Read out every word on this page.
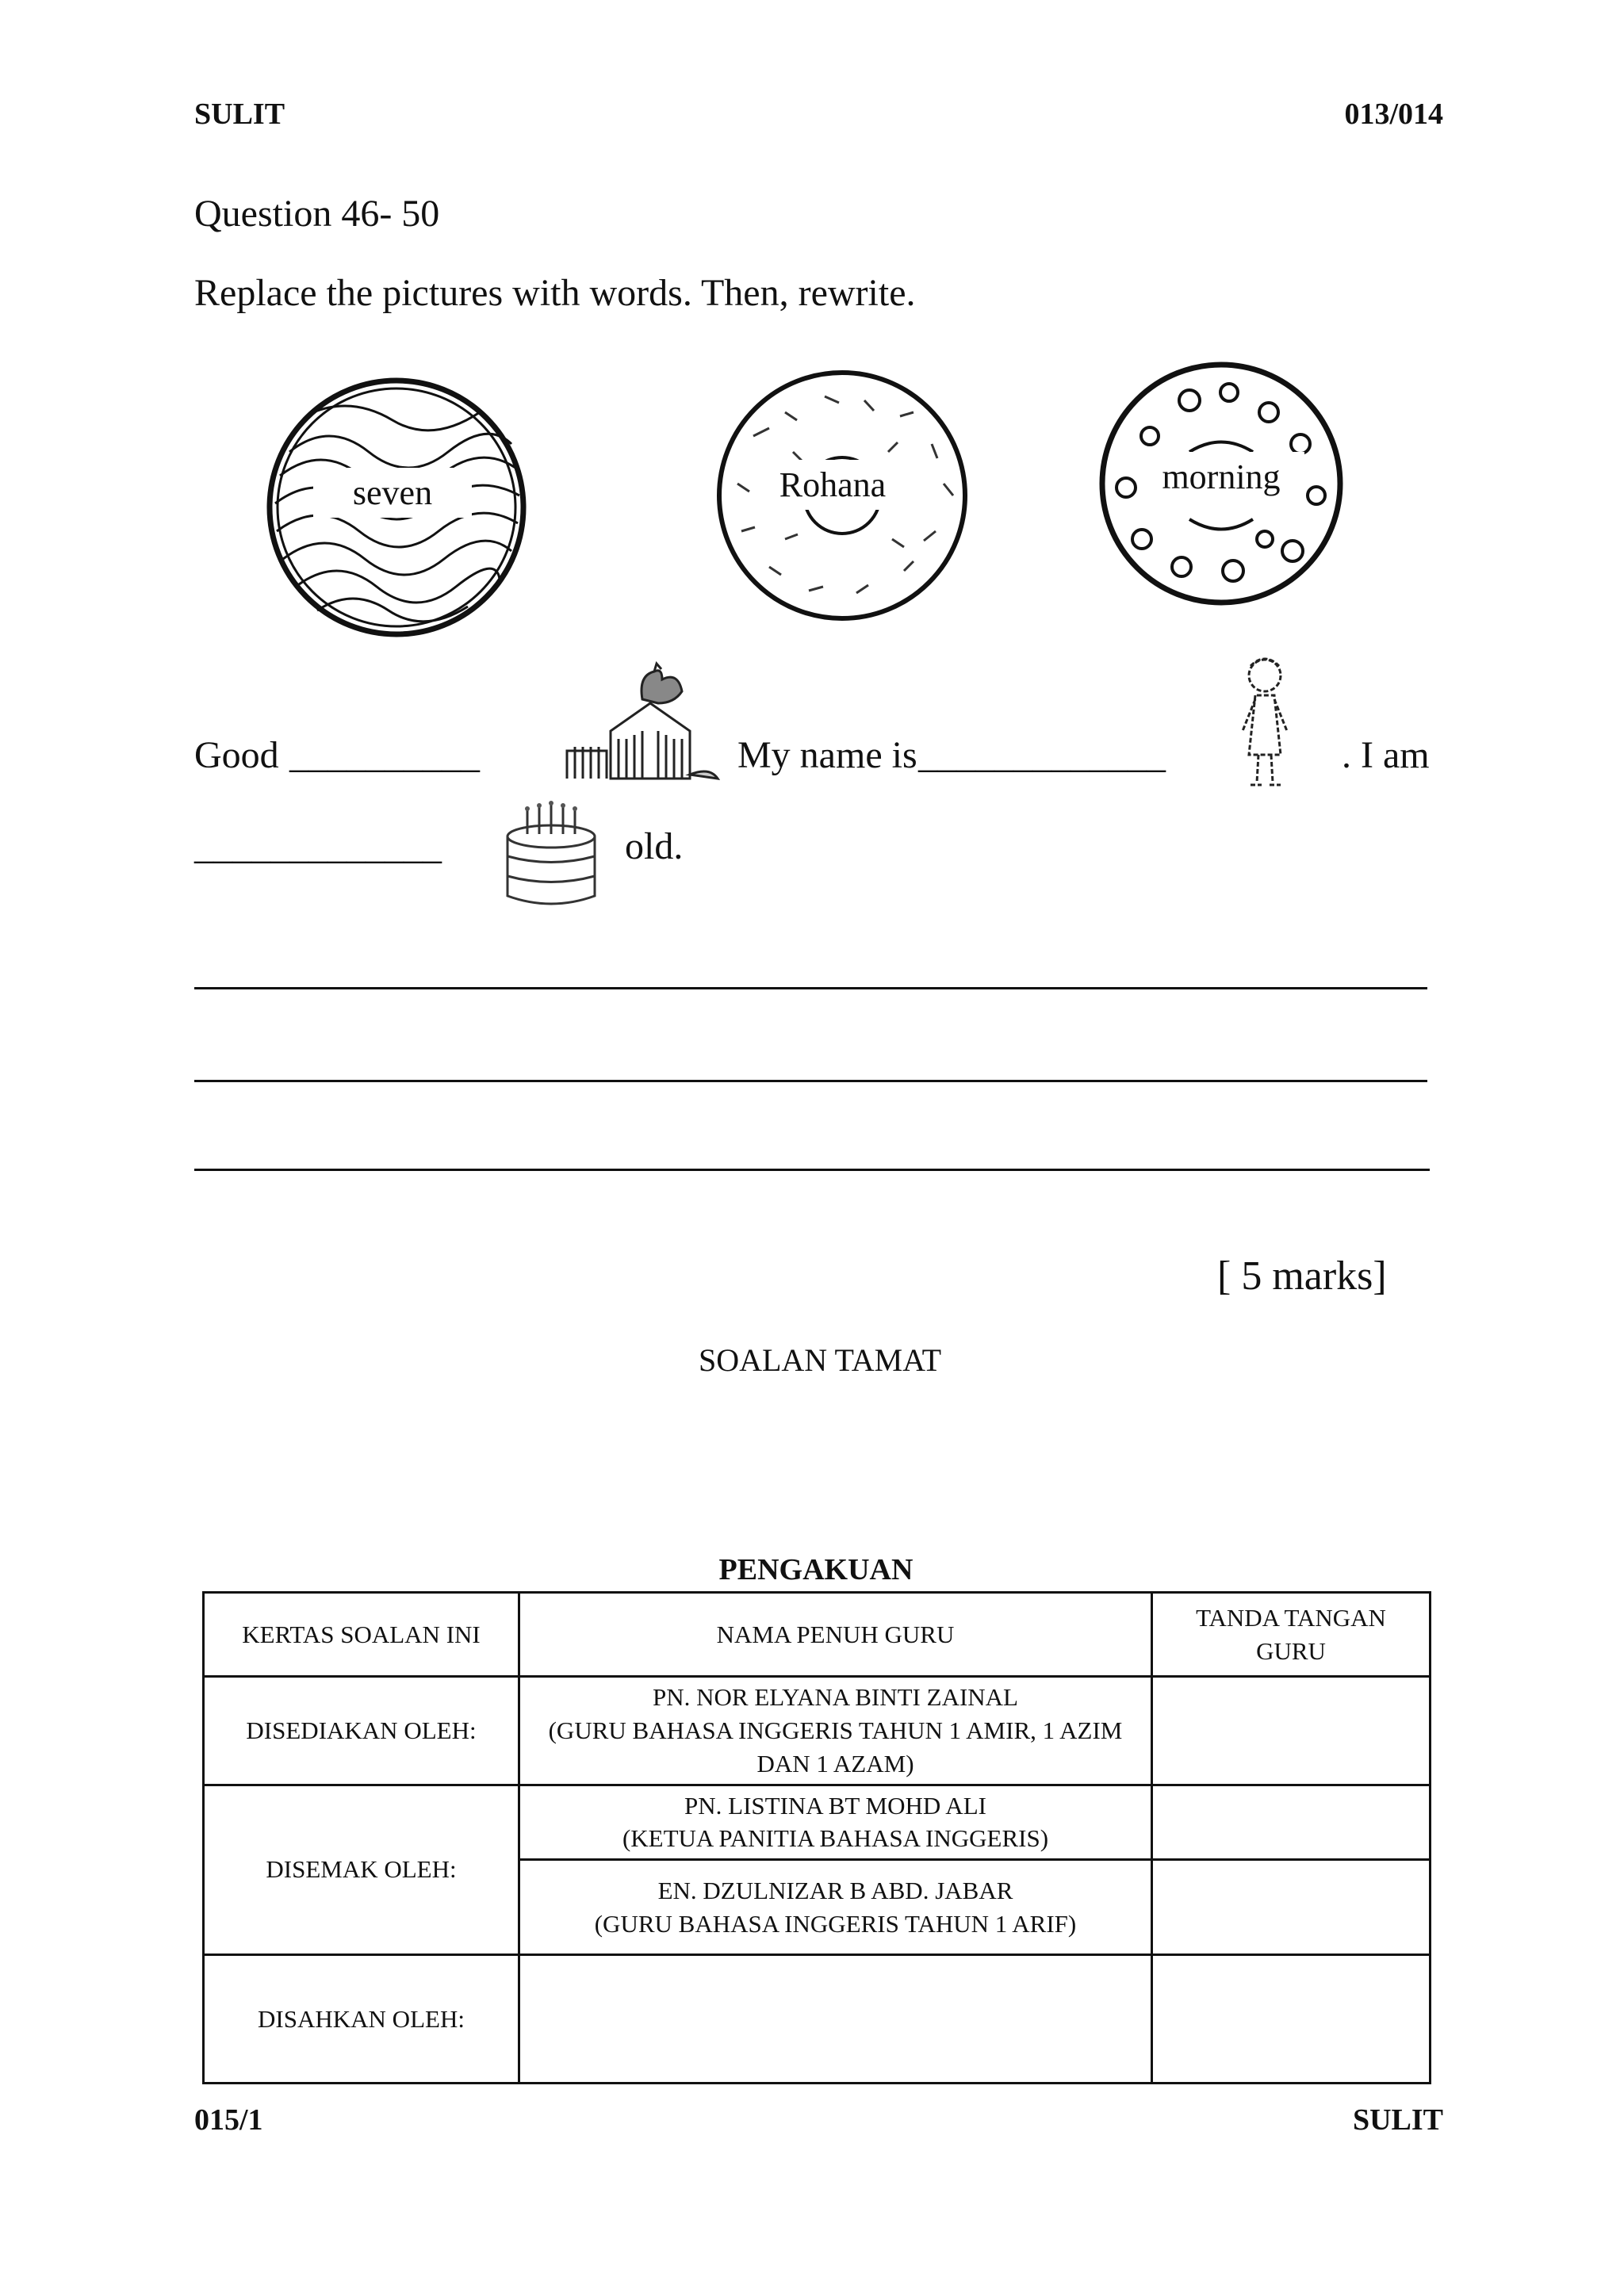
SULIT	013/014
Question 46- 50
Replace the pictures with words. Then, rewrite.
seven	Rohana	morning
Good __________	My name is _____________	. I am
_____________	old.
[ 5 marks]
SOALAN TAMAT
PENGAKUAN
KERTAS SOALAN INI	NAMA PENUH GURU	TANDA TANGAN GURU
DISEDIAKAN OLEH:	PN. NOR ELYANA BINTI ZAINAL
(GURU BAHASA INGGERIS TAHUN 1 AMIR, 1 AZIM DAN 1 AZAM)	
DISEMAK OLEH:	PN. LISTINA BT MOHD ALI
(KETUA PANITIA BAHASA INGGERIS)	
	EN. DZULNIZAR B ABD. JABAR
(GURU BAHASA INGGERIS TAHUN 1 ARIF)	
DISAHKAN OLEH:		
015/1	SULIT
